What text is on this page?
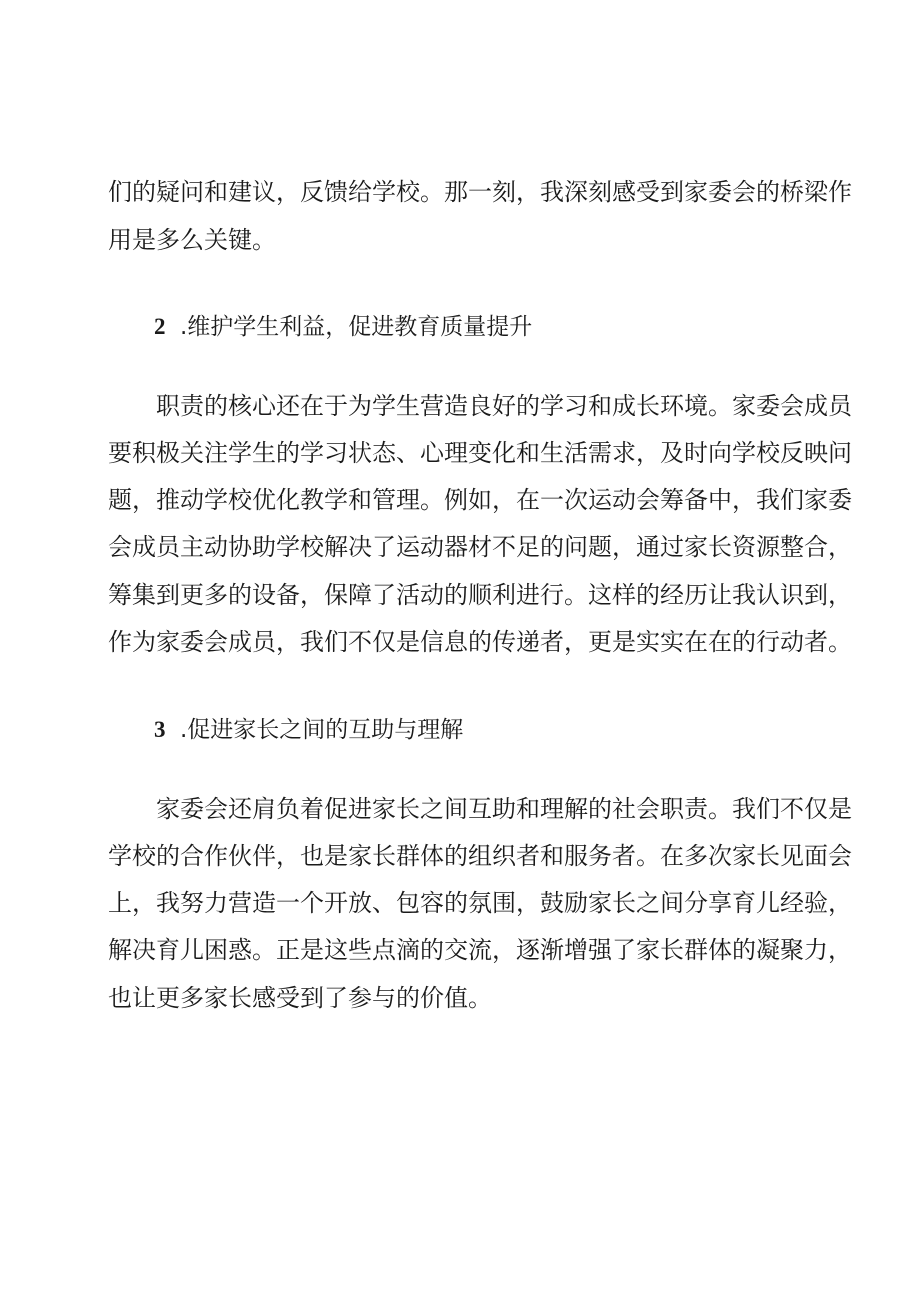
们的疑问和建议，反馈给学校。那一刻，我深刻感受到家委会的桥梁作
用是多么关键。
2 .维护学生利益，促进教育质量提升
职责的核心还在于为学生营造良好的学习和成长环境。家委会成员
要积极关注学生的学习状态、心理变化和生活需求，及时向学校反映问
题，推动学校优化教学和管理。例如，在一次运动会筹备中，我们家委
会成员主动协助学校解决了运动器材不足的问题，通过家长资源整合，
筹集到更多的设备，保障了活动的顺利进行。这样的经历让我认识到，
作为家委会成员，我们不仅是信息的传递者，更是实实在在的行动者。
3 .促进家长之间的互助与理解
家委会还肩负着促进家长之间互助和理解的社会职责。我们不仅是
学校的合作伙伴，也是家长群体的组织者和服务者。在多次家长见面会
上，我努力营造一个开放、包容的氛围，鼓励家长之间分享育儿经验，
解决育儿困惑。正是这些点滴的交流，逐渐增强了家长群体的凝聚力，
也让更多家长感受到了参与的价值。
